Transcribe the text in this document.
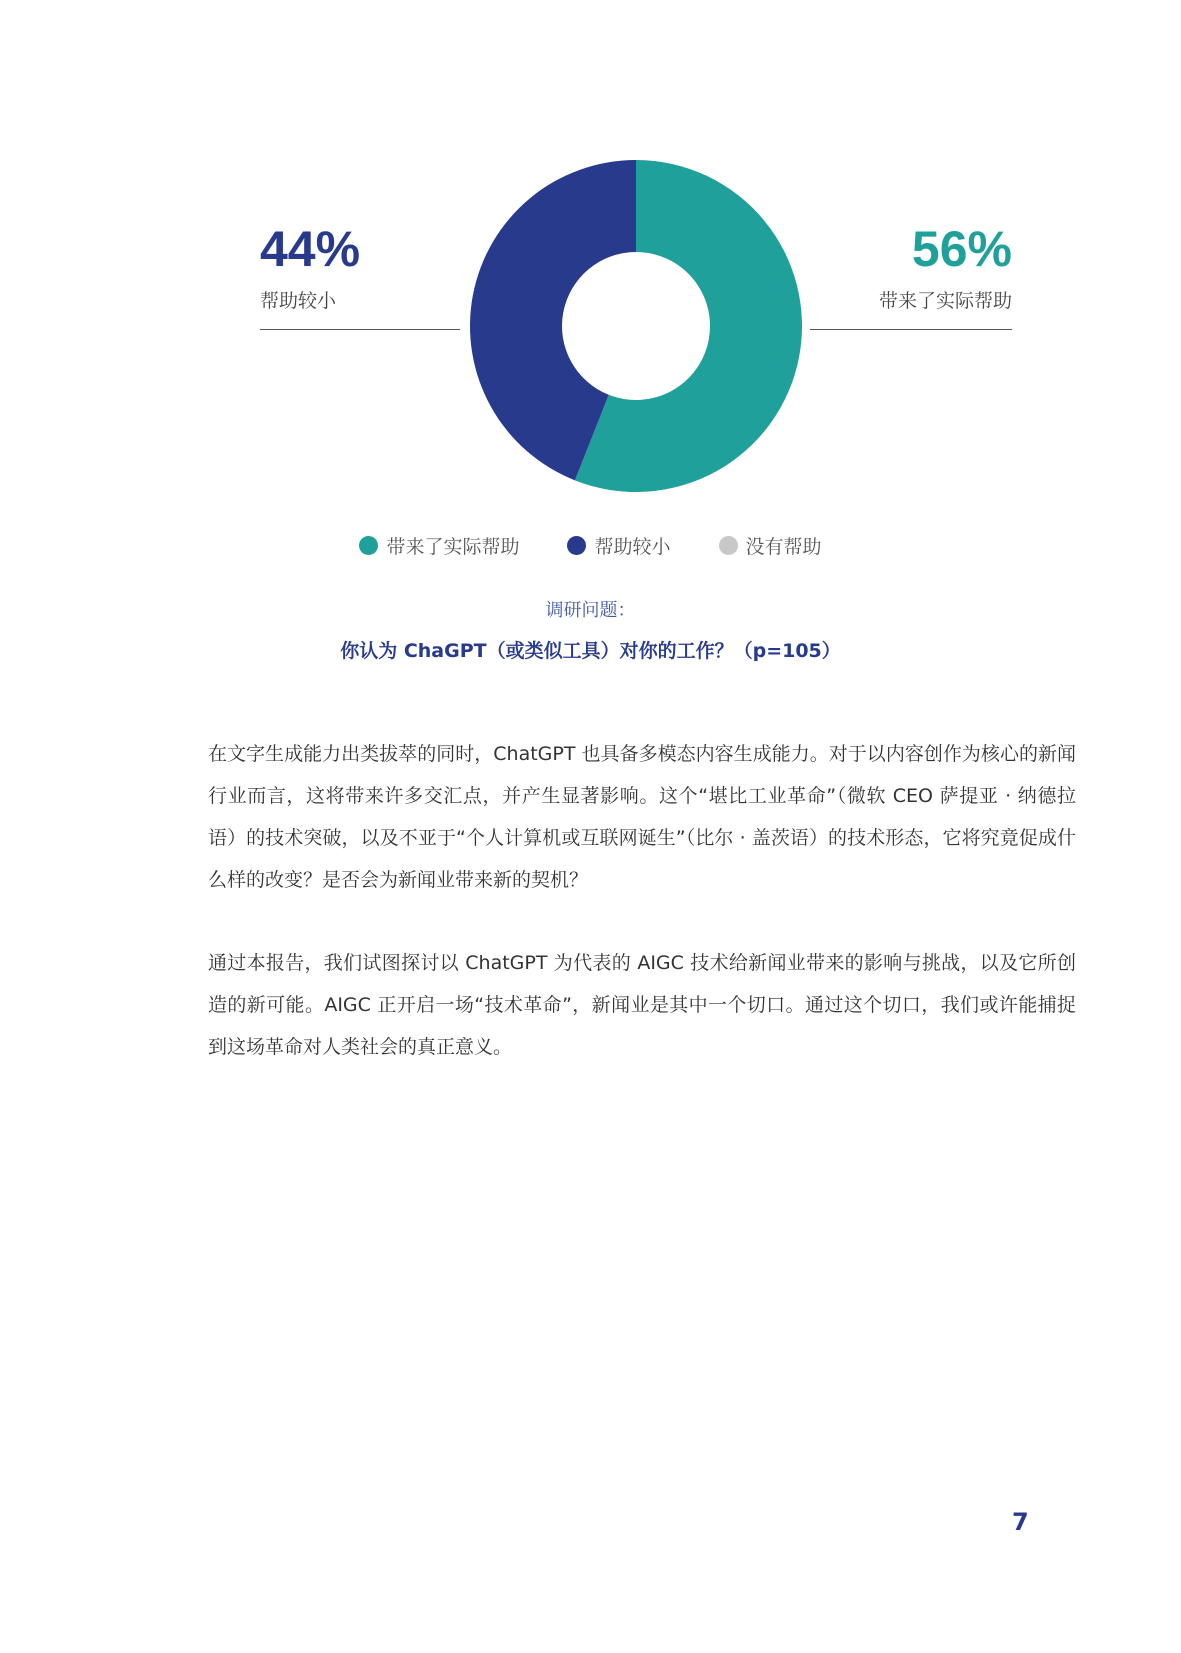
44%
帮助较小
56%
带来了实际帮助
带来了实际帮助	帮助较小	没有帮助
调研问题：
你认为 ChaGPT（或类似工具）对你的工作？（p=105）

在文字生成能力出类拔萃的同时，ChatGPT 也具备多模态内容生成能力。对于以内容创作为核心的新闻行业而言，这将带来许多交汇点，并产生显著影响。这个“堪比工业革命”（微软 CEO 萨提亚 · 纳德拉语）的技术突破，以及不亚于“个人计算机或互联网诞生”（比尔 · 盖茨语）的技术形态，它将究竟促成什么样的改变？是否会为新闻业带来新的契机？

通过本报告，我们试图探讨以 ChatGPT 为代表的 AIGC 技术给新闻业带来的影响与挑战，以及它所创造的新可能。AIGC 正开启一场“技术革命”，新闻业是其中一个切口。通过这个切口，我们或许能捕捉到这场革命对人类社会的真正意义。

7
